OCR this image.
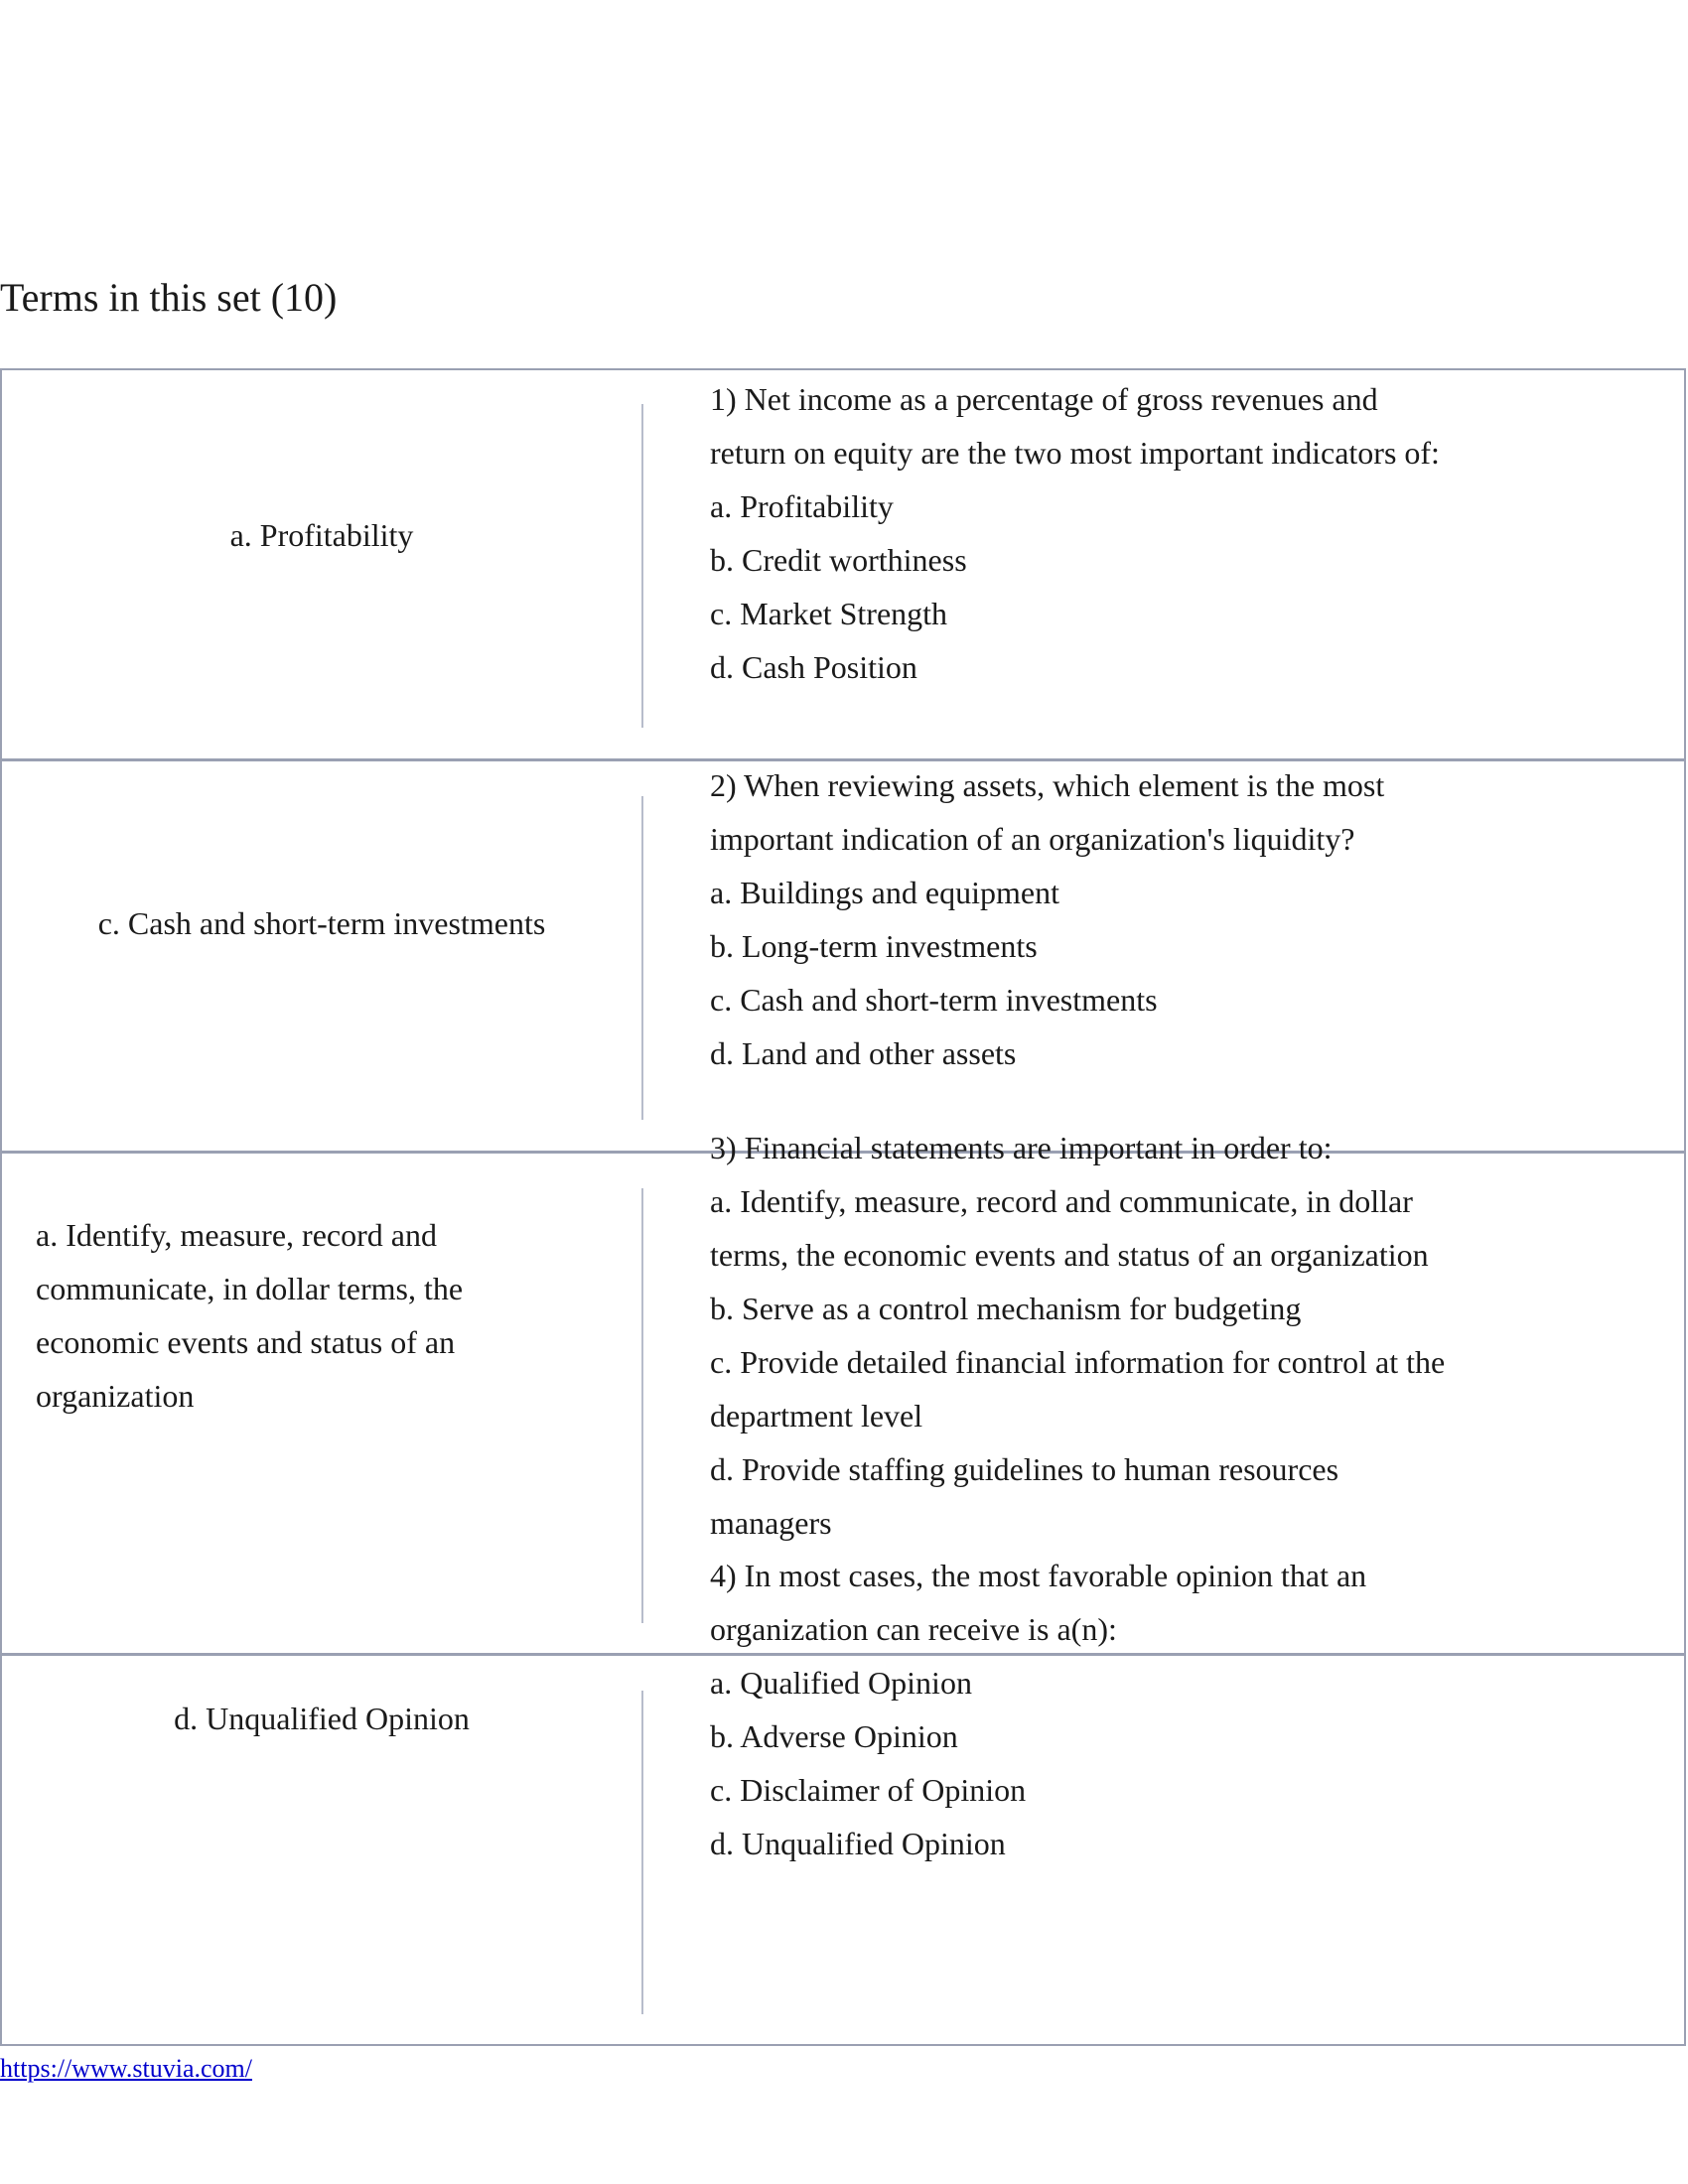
Terms in this set (10)
a. Profitability
1) Net income as a percentage of gross revenues and
return on equity are the two most important indicators of:
a. Profitability
b. Credit worthiness
c. Market Strength
d. Cash Position
c. Cash and short-term investments
2) When reviewing assets, which element is the most
important indication of an organization's liquidity?
a. Buildings and equipment
b. Long-term investments
c. Cash and short-term investments
d. Land and other assets
a. Identify, measure, record and communicate, in dollar terms, the economic events and status of an organization
3) Financial statements are important in order to:
a. Identify, measure, record and communicate, in dollar
terms, the economic events and status of an organization
b. Serve as a control mechanism for budgeting
c. Provide detailed financial information for control at the
department level
d. Provide staffing guidelines to human resources
managers
d. Unqualified Opinion
4) In most cases, the most favorable opinion that an
organization can receive is a(n):
a. Qualified Opinion
b. Adverse Opinion
c. Disclaimer of Opinion
d. Unqualified Opinion
https://www.stuvia.com/
